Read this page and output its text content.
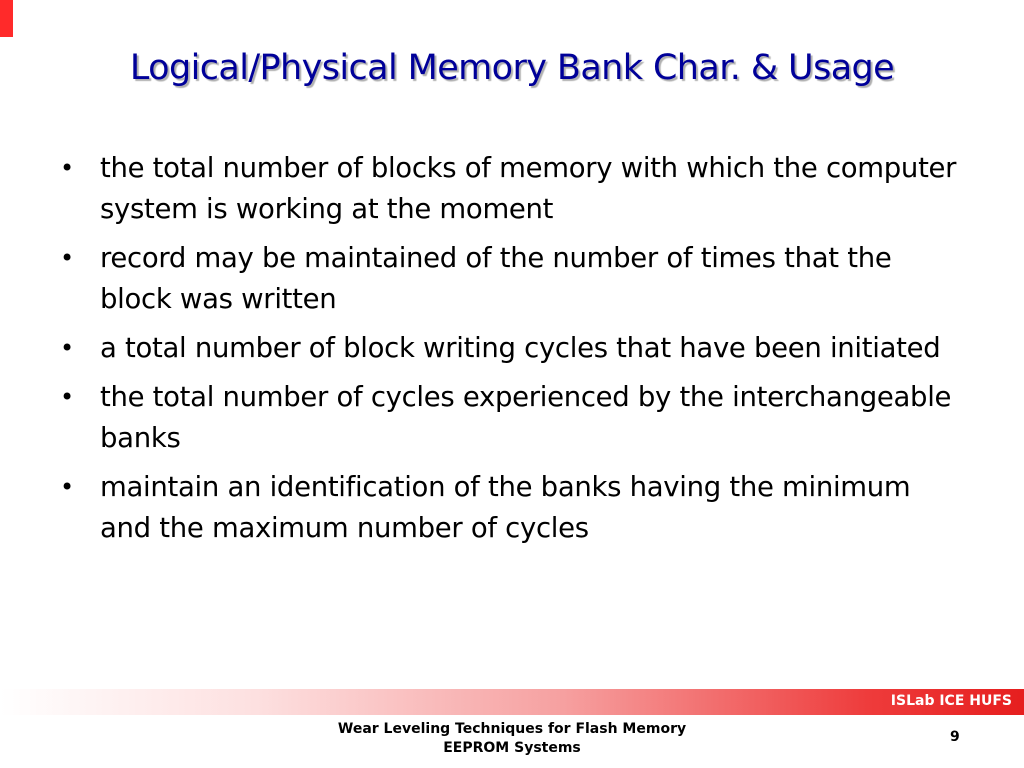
Logical/Physical Memory Bank Char. & Usage
• the total number of blocks of memory with which the computer system is working at the moment
• record may be maintained of the number of times that the block was written
• a total number of block writing cycles that have been initiated
• the total number of cycles experienced by the interchangeable banks
• maintain an identification of the banks having the minimum and the maximum number of cycles
ISLab ICE HUFS
Wear Leveling Techniques for Flash Memory
EEPROM Systems
9
